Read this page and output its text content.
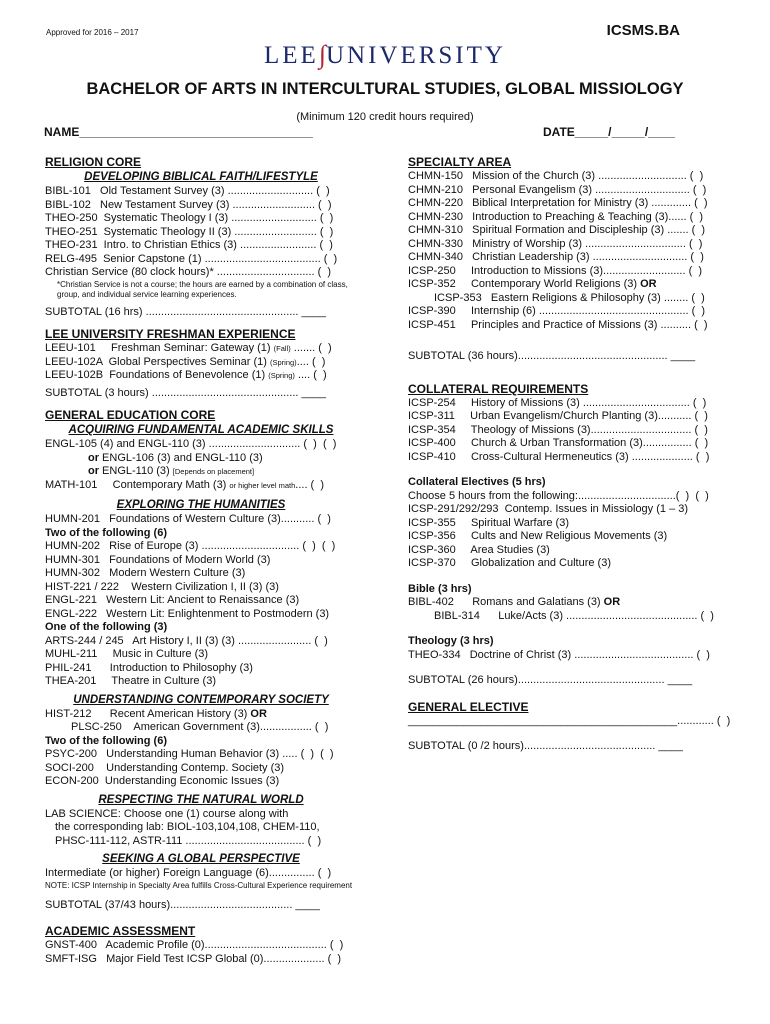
Approved for 2016 – 2017	ICSMS.BA
LEE∫UNIVERSITY
BACHELOR OF ARTS IN INTERCULTURAL STUDIES, GLOBAL MISSIOLOGY
(Minimum 120 credit hours required)
NAME___________________________________	DATE_____/_____/____
RELIGION CORE
DEVELOPING BIBLICAL FAITH/LIFESTYLE
BIBL-101   Old Testament Survey (3) ............................ (  )
BIBL-102   New Testament Survey (3) ........................... (  )
THEO-250  Systematic Theology I (3) ............................ (  )
THEO-251  Systematic Theology II (3) ........................... (  )
THEO-231  Intro. to Christian Ethics (3) ......................... (  )
RELG-495  Senior Capstone (1) ...................................... (  )
Christian Service (80 clock hours)* ................................ (  )
*Christian Service is not a course; the hours are earned by a combination of class, group, and individual service learning experiences.
SUBTOTAL (16 hrs) .................................................. ____
LEE UNIVERSITY FRESHMAN EXPERIENCE
LEEU-101     Freshman Seminar: Gateway (1) (Fall) ....... (  )
LEEU-102A  Global Perspectives Seminar (1) (Spring).... (  )
LEEU-102B  Foundations of Benevolence (1) (Spring) .... (  )
SUBTOTAL (3 hours) ................................................ ____
GENERAL EDUCATION CORE
ACQUIRING FUNDAMENTAL ACADEMIC SKILLS
ENGL-105 (4) and ENGL-110 (3) .............................. (  )  (  )
or ENGL-106 (3) and ENGL-110 (3)
or ENGL-110 (3) [Depends on placement]
MATH-101     Contemporary Math (3) or higher level math.... (  )
EXPLORING THE HUMANITIES
HUMN-201   Foundations of Western Culture (3)........... (  )
Two of the following (6)
HUMN-202   Rise of Europe (3) ................................ (  )  (  )
HUMN-301   Foundations of Modern World (3)
HUMN-302   Modern Western Culture (3)
HIST-221 / 222    Western Civilization I, II (3) (3)
ENGL-221   Western Lit: Ancient to Renaissance (3)
ENGL-222   Western Lit: Enlightenment to Postmodern (3)
One of the following (3)
ARTS-244 / 245   Art History I, II (3) (3) ........................ (  )
MUHL-211     Music in Culture (3)
PHIL-241      Introduction to Philosophy (3)
THEA-201     Theatre in Culture (3)
UNDERSTANDING CONTEMPORARY SOCIETY
HIST-212      Recent American History (3) OR
PLSC-250    American Government (3)................. (  )
Two of the following (6)
PSYC-200   Understanding Human Behavior (3) ..... (  )  (  )
SOCI-200    Understanding Contemp. Society (3)
ECON-200  Understanding Economic Issues (3)
RESPECTING THE NATURAL WORLD
LAB SCIENCE: Choose one (1) course along with
the corresponding lab: BIOL-103,104,108, CHEM-110,
PHSC-111-112, ASTR-111 ....................................... (  )
SEEKING A GLOBAL PERSPECTIVE
Intermediate (or higher) Foreign Language (6)............... (  )
NOTE: ICSP Internship in Specialty Area fulfills Cross-Cultural Experience requirement
SUBTOTAL (37/43 hours)........................................ ____
ACADEMIC ASSESSMENT
GNST-400   Academic Profile (0)........................................ (  )
SMFT-ISG   Major Field Test ICSP Global (0).................... (  )
SPECIALTY AREA
CHMN-150   Mission of the Church (3) ............................. (  )
CHMN-210   Personal Evangelism (3) ............................... (  )
CHMN-220   Biblical Interpretation for Ministry (3) ............. (  )
CHMN-230   Introduction to Preaching & Teaching (3)...... (  )
CHMN-310   Spiritual Formation and Discipleship (3) ....... (  )
CHMN-330   Ministry of Worship (3) ................................. (  )
CHMN-340   Christian Leadership (3) ............................... (  )
ICSP-250     Introduction to Missions (3)........................... (  )
ICSP-352     Contemporary World Religions (3) OR
ICSP-353   Eastern Religions & Philosophy (3) ........ (  )
ICSP-390     Internship (6) ................................................. (  )
ICSP-451     Principles and Practice of Missions (3) .......... (  )
SUBTOTAL (36 hours)................................................. ____
COLLATERAL REQUIREMENTS
ICSP-254     History of Missions (3) ................................... (  )
ICSP-311     Urban Evangelism/Church Planting (3)........... (  )
ICSP-354     Theology of Missions (3)................................. (  )
ICSP-400     Church & Urban Transformation (3)................ (  )
ICSP-410     Cross-Cultural Hermeneutics (3) .................... (  )
Collateral Electives (5 hrs)
Choose 5 hours from the following:................................(  )  (  )
ICSP-291/292/293  Contemp. Issues in Missiology (1 – 3)
ICSP-355     Spiritual Warfare (3)
ICSP-356     Cults and New Religious Movements (3)
ICSP-360     Area Studies (3)
ICSP-370     Globalization and Culture (3)
Bible (3 hrs)
BIBL-402      Romans and Galatians (3) OR
BIBL-314      Luke/Acts (3) ........................................... (  )
Theology (3 hrs)
THEO-334   Doctrine of Christ (3) ....................................... (  )
SUBTOTAL (26 hours)................................................ ____
GENERAL ELECTIVE
____________________________________________............ (  )
SUBTOTAL (0 /2 hours)........................................... ____
